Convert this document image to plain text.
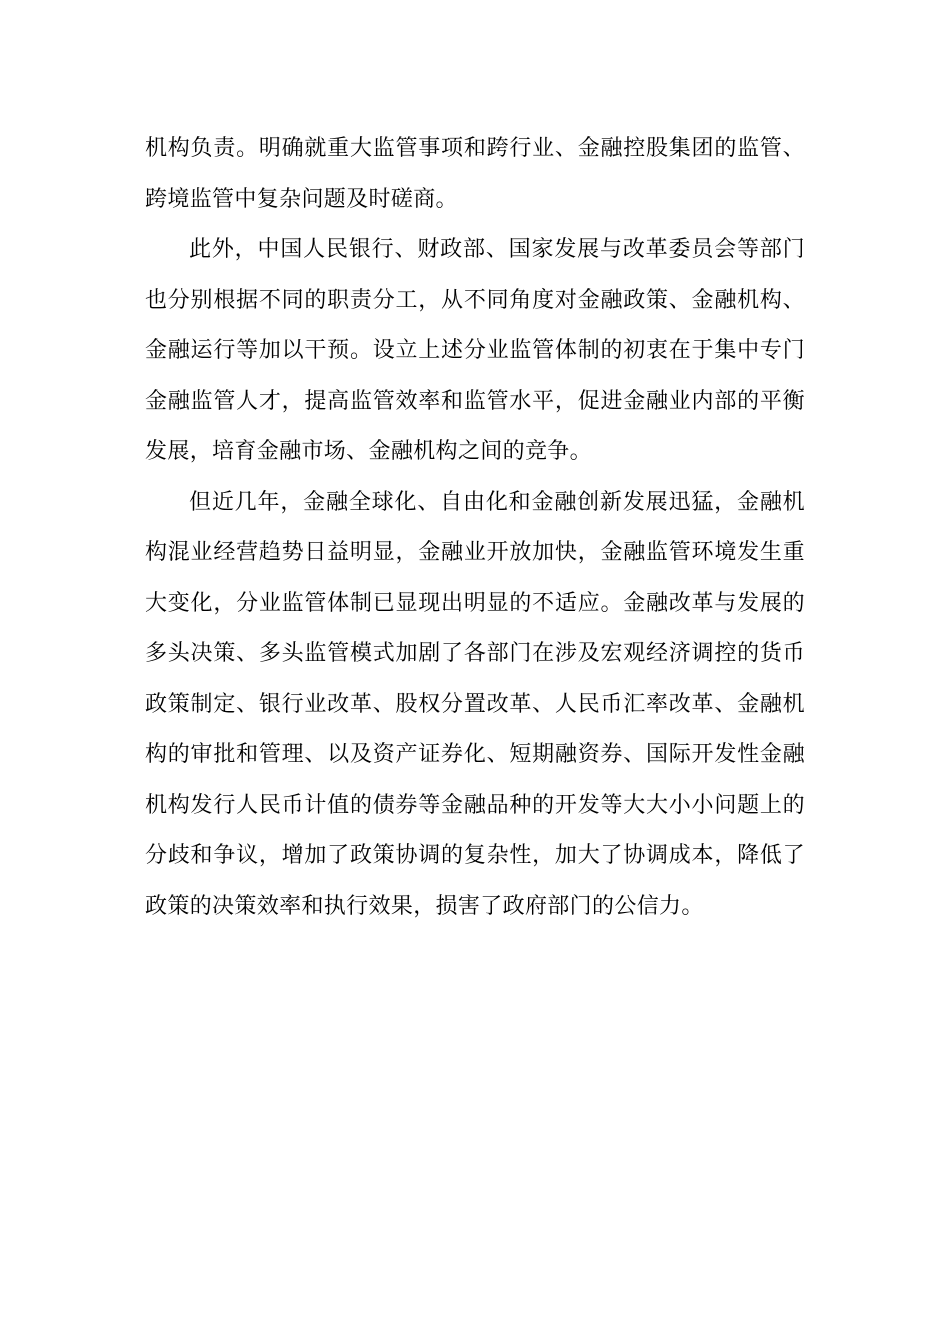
机构负责。明确就重大监管事项和跨行业、金融控股集团的监管、跨境监管中复杂问题及时磋商。

此外，中国人民银行、财政部、国家发展与改革委员会等部门也分别根据不同的职责分工，从不同角度对金融政策、金融机构、金融运行等加以干预。设立上述分业监管体制的初衷在于集中专门金融监管人才，提高监管效率和监管水平，促进金融业内部的平衡发展，培育金融市场、金融机构之间的竞争。

但近几年，金融全球化、自由化和金融创新发展迅猛，金融机构混业经营趋势日益明显，金融业开放加快，金融监管环境发生重大变化，分业监管体制已显现出明显的不适应。金融改革与发展的多头决策、多头监管模式加剧了各部门在涉及宏观经济调控的货币政策制定、银行业改革、股权分置改革、人民币汇率改革、金融机构的审批和管理、以及资产证券化、短期融资券、国际开发性金融机构发行人民币计值的债券等金融品种的开发等大大小小问题上的分歧和争议，增加了政策协调的复杂性，加大了协调成本，降低了政策的决策效率和执行效果，损害了政府部门的公信力。
